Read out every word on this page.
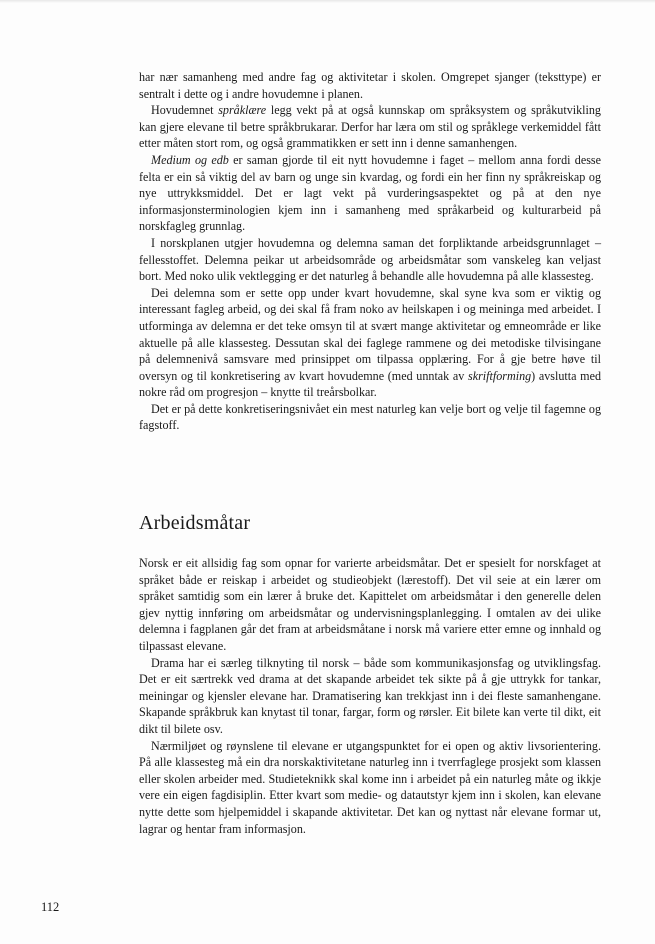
har nær samanheng med andre fag og aktivitetar i skolen. Omgrepet sjanger (teksttype) er sentralt i dette og i andre hovudemne i planen.

Hovudemnet språklære legg vekt på at også kunnskap om språksystem og språkutvikling kan gjere elevane til betre språkbrukarar. Derfor har læra om stil og språklege verkemiddel fått etter måten stort rom, og også grammatikken er sett inn i denne samanhengen.

Medium og edb er saman gjorde til eit nytt hovudemne i faget – mellom anna fordi desse felta er ein så viktig del av barn og unge sin kvardag, og fordi ein her finn ny språkreiskap og nye uttrykksmiddel. Det er lagt vekt på vurderingsaspektet og på at den nye informasjonsterminologien kjem inn i samanheng med språkarbeid og kulturarbeid på norskfagleg grunnlag.

I norskplanen utgjer hovudemna og delemna saman det forpliktande arbeidsgrunnlaget – fellesstoffet. Delemna peikar ut arbeidsområde og arbeidsmåtar som vanskeleg kan veljast bort. Med noko ulik vektlegging er det naturleg å behandle alle hovudemna på alle klassesteg.

Dei delemna som er sette opp under kvart hovudemne, skal syne kva som er viktig og interessant fagleg arbeid, og dei skal få fram noko av heilskapen i og meininga med arbeidet. I utforminga av delemna er det teke omsyn til at svært mange aktivitetar og emneområde er like aktuelle på alle klassesteg. Dessutan skal dei faglege rammene og dei metodiske tilvisingane på delemnenivå samsvare med prinsippet om tilpassa opplæring. For å gje betre høve til oversyn og til konkretisering av kvart hovudemne (med unntak av skriftforming) avslutta med nokre råd om progresjon – knytte til treårsbolkar.

Det er på dette konkretiseringsnivået ein mest naturleg kan velje bort og velje til fagemne og fagstoff.

Arbeidsmåtar

Norsk er eit allsidig fag som opnar for varierte arbeidsmåtar. Det er spesielt for norskfaget at språket både er reiskap i arbeidet og studieobjekt (lærestoff). Det vil seie at ein lærer om språket samtidig som ein lærer å bruke det. Kapittelet om arbeidsmåtar i den generelle delen gjev nyttig innføring om arbeidsmåtar og undervisningsplanlegging. I omtalen av dei ulike delemna i fagplanen går det fram at arbeidsmåtane i norsk må variere etter emne og innhald og tilpassast elevane.

Drama har ei særleg tilknyting til norsk – både som kommunikasjonsfag og utviklingsfag. Det er eit særtrekk ved drama at det skapande arbeidet tek sikte på å gje uttrykk for tankar, meiningar og kjensler elevane har. Dramatisering kan trekkjast inn i dei fleste samanhengane. Skapande språkbruk kan knytast til tonar, fargar, form og rørsler. Eit bilete kan verte til dikt, eit dikt til bilete osv.

Nærmiljøet og røynslene til elevane er utgangspunktet for ei open og aktiv livsorientering. På alle klassesteg må ein dra norskaktivitetane naturleg inn i tverrfaglege prosjekt som klassen eller skolen arbeider med. Studieteknikk skal kome inn i arbeidet på ein naturleg måte og ikkje vere ein eigen fagdisiplin. Etter kvart som medie- og datautstyr kjem inn i skolen, kan elevane nytte dette som hjelpemiddel i skapande aktivitetar. Det kan og nyttast når elevane formar ut, lagrar og hentar fram informasjon.

112
